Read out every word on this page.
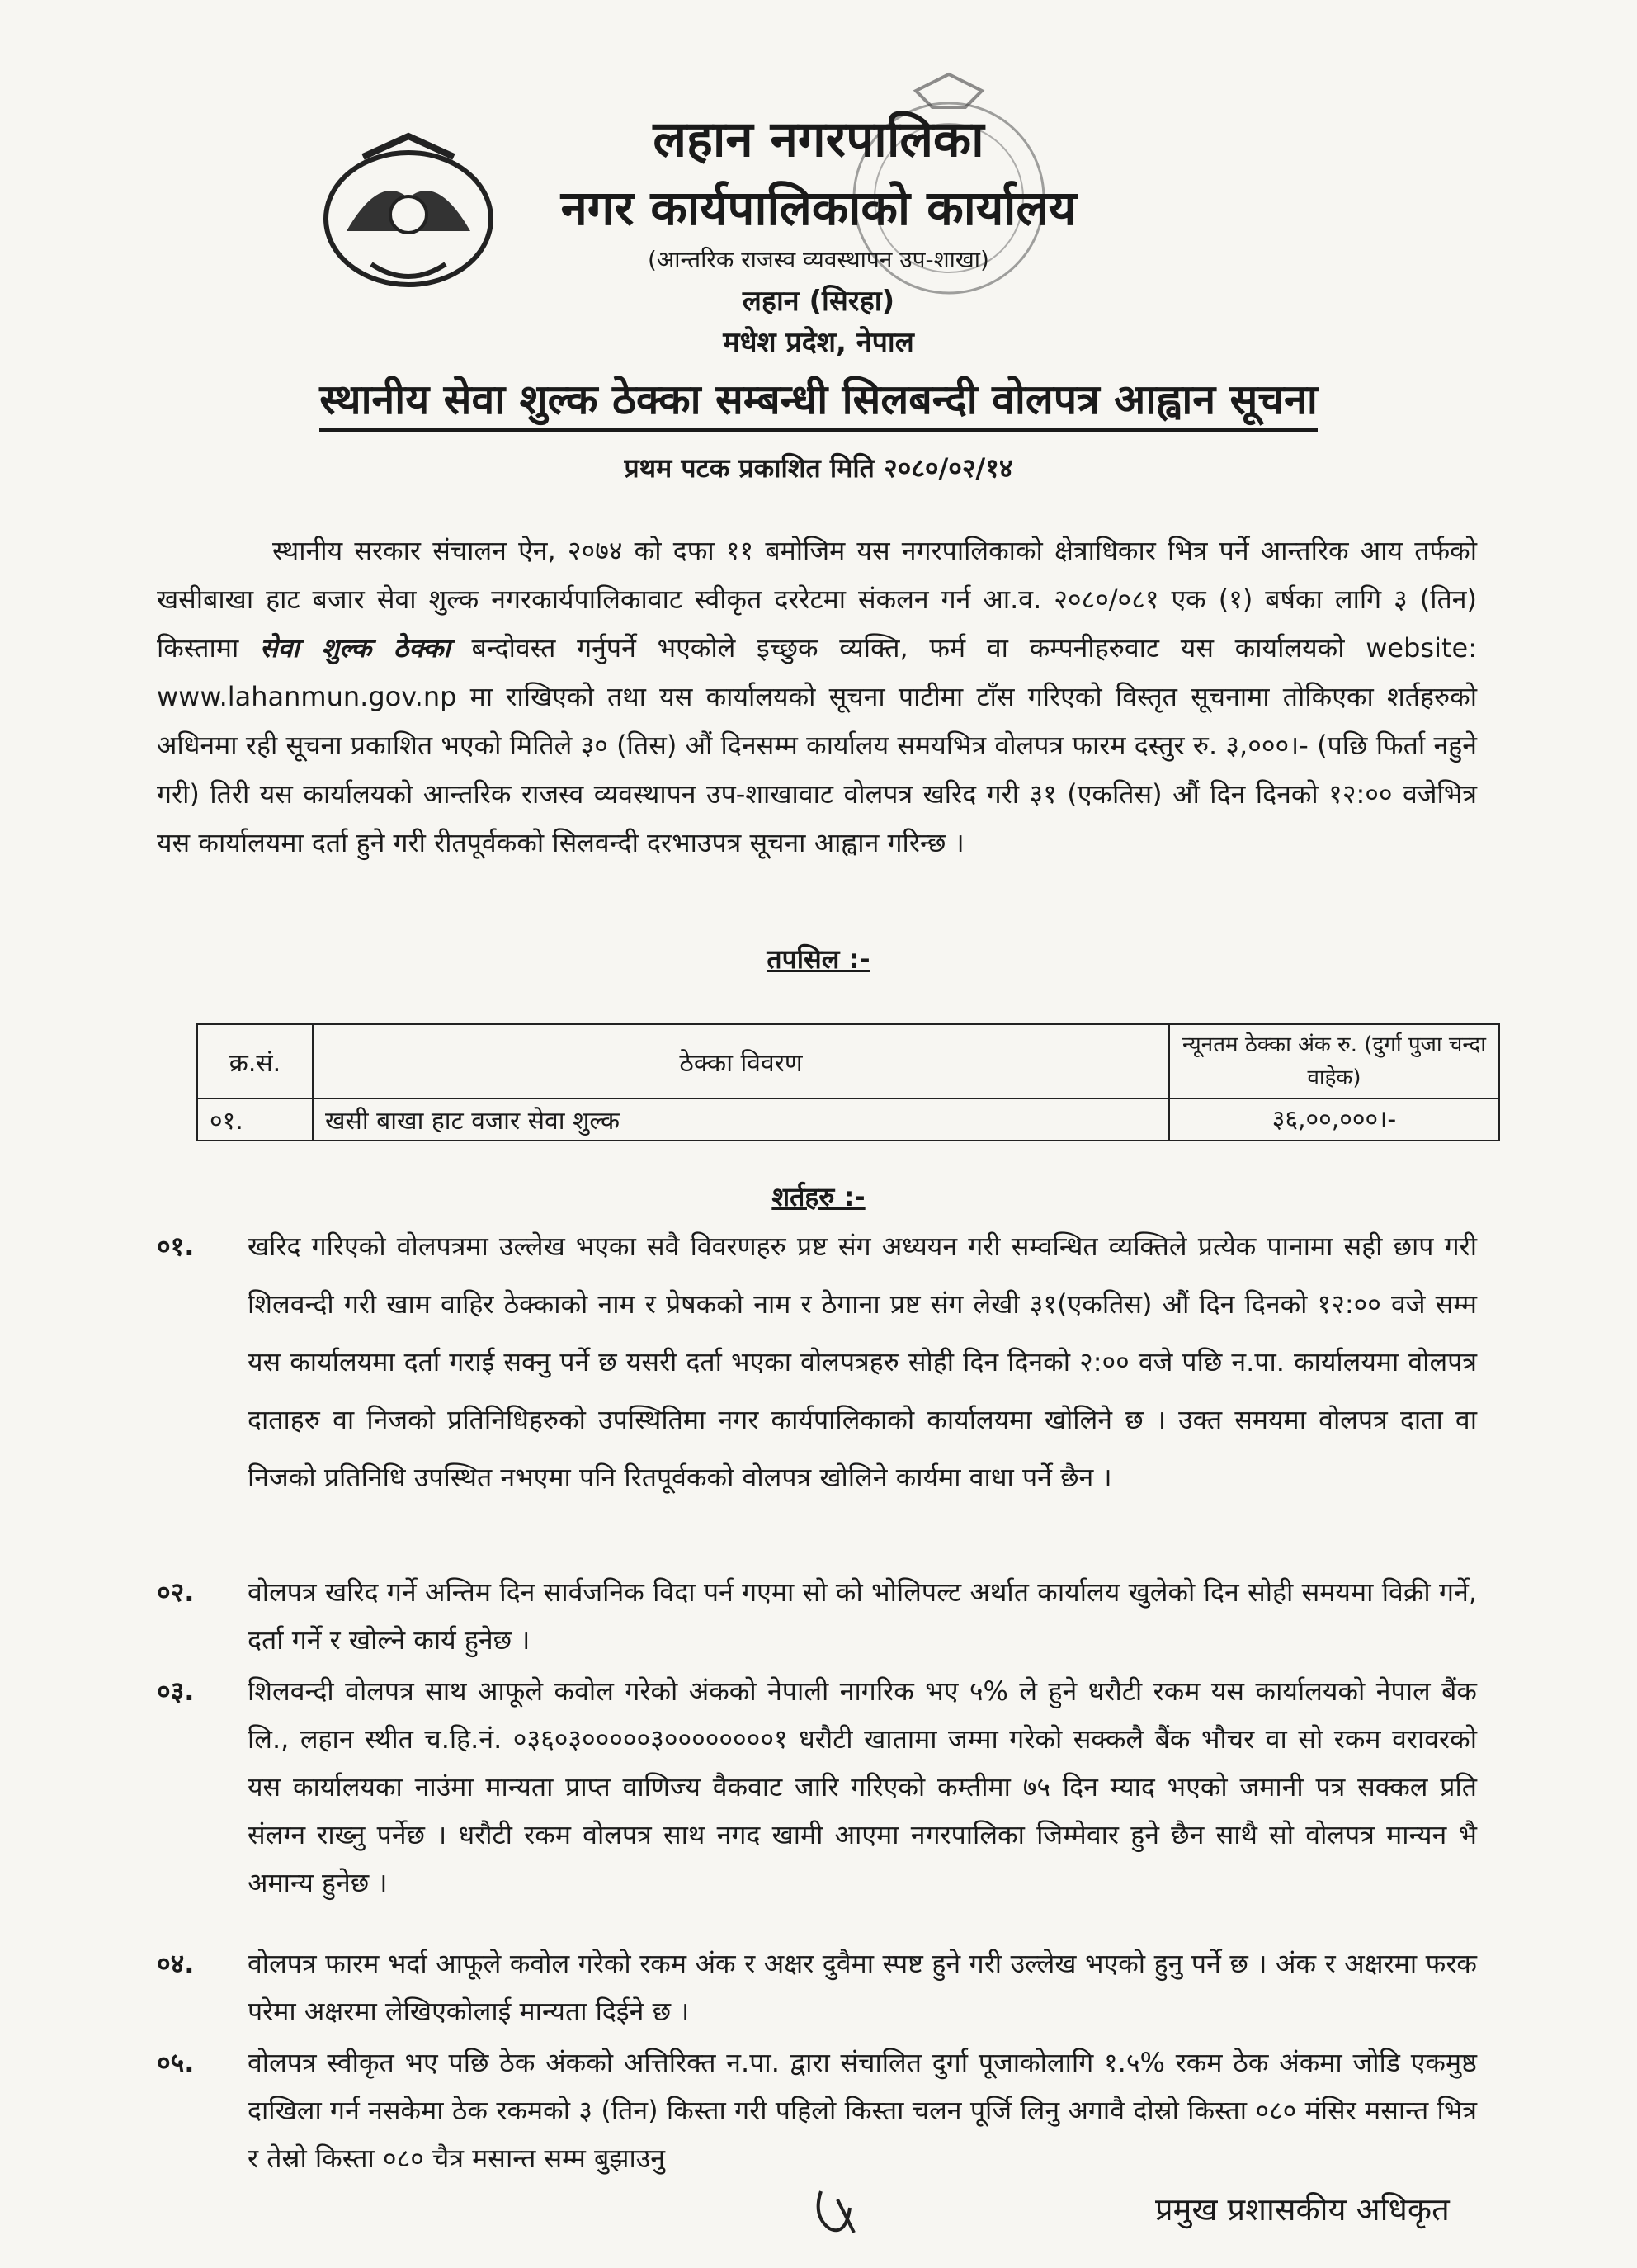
लहान नगरपालिका
नगर कार्यपालिकाको कार्यालय
(आन्तरिक राजस्व व्यवस्थापन उप-शाखा)
लहान (सिरहा)
मधेश प्रदेश, नेपाल
स्थानीय सेवा शुल्क ठेक्का सम्बन्धी सिलबन्दी वोलपत्र आह्वान सूचना
प्रथम पटक प्रकाशित मिति २०८०/०२/१४
स्थानीय सरकार संचालन ऐन, २०७४ को दफा ११ बमोजिम यस नगरपालिकाको क्षेत्राधिकार भित्र पर्ने आन्तरिक आय तर्फको खसीबाखा हाट बजार सेवा शुल्क नगरकार्यपालिकावाट स्वीकृत दररेटमा संकलन गर्न आ.व. २०८०/०८१ एक (१) बर्षका लागि ३ (तिन) किस्तामा सेवा शुल्क ठेक्का बन्दोवस्त गर्नुपर्ने भएकोले इच्छुक व्यक्ति, फर्म वा कम्पनीहरुवाट यस कार्यालयको website: www.lahanmun.gov.np मा राखिएको तथा यस कार्यालयको सूचना पाटीमा टाँस गरिएको विस्तृत सूचनामा तोकिएका शर्तहरुको अधिनमा रही सूचना प्रकाशित भएको मितिले ३० (तिस) औं दिनसम्म कार्यालय समयभित्र वोलपत्र फारम दस्तुर रु. ३,०००।- (पछि फिर्ता नहुने गरी) तिरी यस कार्यालयको आन्तरिक राजस्व व्यवस्थापन उप-शाखावाट वोलपत्र खरिद गरी ३१ (एकतिस) औं दिन दिनको १२:०० वजेभित्र यस कार्यालयमा दर्ता हुने गरी रीतपूर्वकको सिलवन्दी दरभाउपत्र सूचना आह्वान गरिन्छ ।
तपसिल :-
क्र.सं.	ठेक्का विवरण	न्यूनतम ठेक्का अंक रु. (दुर्गा पुजा चन्दा वाहेक)
०१.	खसी बाखा हाट वजार सेवा शुल्क	३६,००,०००।-
शर्तहरु :-
०१. खरिद गरिएको वोलपत्रमा उल्लेख भएका सवै विवरणहरु प्रष्ट संग अध्ययन गरी सम्वन्धित व्यक्तिले प्रत्येक पानामा सही छाप गरी शिलवन्दी गरी खाम वाहिर ठेक्काको नाम र प्रेषकको नाम र ठेगाना प्रष्ट संग लेखी ३१(एकतिस) औं दिन दिनको १२:०० वजे सम्म यस कार्यालयमा दर्ता गराई सक्नु पर्ने छ यसरी दर्ता भएका वोलपत्रहरु सोही दिन दिनको २:०० वजे पछि न.पा. कार्यालयमा वोलपत्र दाताहरु वा निजको प्रतिनिधिहरुको उपस्थितिमा नगर कार्यपालिकाको कार्यालयमा खोलिने छ । उक्त समयमा वोलपत्र दाता वा निजको प्रतिनिधि उपस्थित नभएमा पनि रितपूर्वकको वोलपत्र खोलिने कार्यमा वाधा पर्ने छैन ।
०२. वोलपत्र खरिद गर्ने अन्तिम दिन सार्वजनिक विदा पर्न गएमा सो को भोलिपल्ट अर्थात कार्यालय खुलेको दिन सोही समयमा विक्री गर्ने, दर्ता गर्ने र खोल्ने कार्य हुनेछ ।
०३. शिलवन्दी वोलपत्र साथ आफूले कवोल गरेको अंकको नेपाली नागरिक भए ५% ले हुने धरौटी रकम यस कार्यालयको नेपाल बैंक लि., लहान स्थीत च.हि.नं. ०३६०३०००००३००००००००१ धरौटी खातामा जम्मा गरेको सक्कलै बैंक भौचर वा सो रकम वरावरको यस कार्यालयका नाउंमा मान्यता प्राप्त वाणिज्य वैकवाट जारि गरिएको कम्तीमा ७५ दिन म्याद भएको जमानी पत्र सक्कल प्रति संलग्न राख्नु पर्नेछ । धरौटी रकम वोलपत्र साथ नगद खामी आएमा नगरपालिका जिम्मेवार हुने छैन साथै सो वोलपत्र मान्यन भै अमान्य हुनेछ ।
०४. वोलपत्र फारम भर्दा आफूले कवोल गरेको रकम अंक र अक्षर दुवैमा स्पष्ट हुने गरी उल्लेख भएको हुनु पर्ने छ । अंक र अक्षरमा फरक परेमा अक्षरमा लेखिएकोलाई मान्यता दिईने छ ।
०५. वोलपत्र स्वीकृत भए पछि ठेक अंकको अत्तिरिक्त न.पा. द्वारा संचालित दुर्गा पूजाकोलागि १.५% रकम ठेक अंकमा जोडि एकमुष्ठ दाखिला गर्न नसकेमा ठेक रकमको ३ (तिन) किस्ता गरी पहिलो किस्ता चलन पूर्जि लिनु अगावै दोस्रो किस्ता ०८० मंसिर मसान्त भित्र र तेस्रो किस्ता ०८० चैत्र मसान्त सम्म बुझाउनु
प्रमुख प्रशासकीय अधिकृत
